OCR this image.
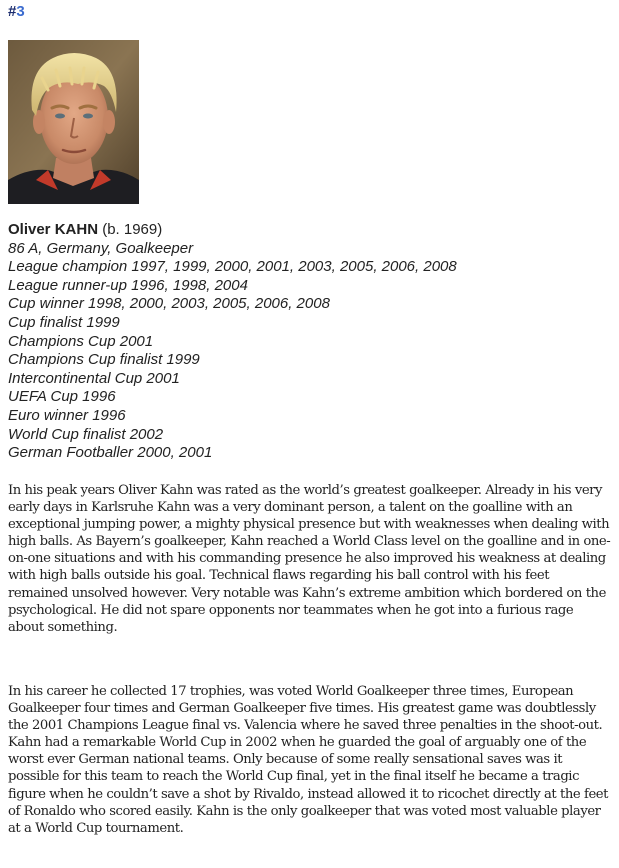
#3
Oliver KAHN (b. 1969)
86 A, Germany, Goalkeeper
League champion 1997, 1999, 2000, 2001, 2003, 2005, 2006, 2008
League runner-up 1996, 1998, 2004
Cup winner 1998, 2000, 2003, 2005, 2006, 2008
Cup finalist 1999
Champions Cup 2001
Champions Cup finalist 1999
Intercontinental Cup 2001
UEFA Cup 1996
Euro winner 1996
World Cup finalist 2002
German Footballer 2000, 2001

In his peak years Oliver Kahn was rated as the world’s greatest goalkeeper. Already in his very early days in Karlsruhe Kahn was a very dominant person, a talent on the goalline with an exceptional jumping power, a mighty physical presence but with weaknesses when dealing with high balls. As Bayern’s goalkeeper, Kahn reached a World Class level on the goalline and in one-on-one situations and with his commanding presence he also improved his weakness at dealing with high balls outside his goal. Technical flaws regarding his ball control with his feet remained unsolved however. Very notable was Kahn’s extreme ambition which bordered on the psychological. He did not spare opponents nor teammates when he got into a furious rage about something.

In his career he collected 17 trophies, was voted World Goalkeeper three times, European Goalkeeper four times and German Goalkeeper five times. His greatest game was doubtlessly the 2001 Champions League final vs. Valencia where he saved three penalties in the shoot-out. Kahn had a remarkable World Cup in 2002 when he guarded the goal of arguably one of the worst ever German national teams. Only because of some really sensational saves was it possible for this team to reach the World Cup final, yet in the final itself he became a tragic figure when he couldn’t save a shot by Rivaldo, instead allowed it to ricochet directly at the feet of Ronaldo who scored easily. Kahn is the only goalkeeper that was voted most valuable player at a World Cup tournament.
